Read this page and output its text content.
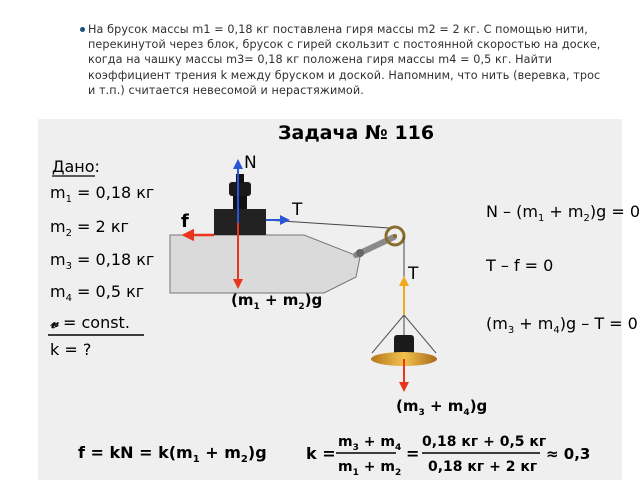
На брусок массы m1 = 0,18 кг поставлена гиря массы m2 = 2 кг. С помощью нити, перекинутой через блок, брусок с гирей скользит с постоянной скоростью на доске, когда на чашку массы m3= 0,18 кг положена гиря массы m4 = 0,5 кг. Найти коэффициент трения k между бруском и доской. Напомним, что нить (веревка, трос и т.п.) считается невесомой и нерастяжимой.

Задача № 116
Дано:
$m_1 = 0,18$ кг
$m_2 = 2$ кг
$m_3 = 0,18$ кг
$m_4 = 0,5$ кг
𝓋 = const.
k = ?
N
T
f
T
$(m_1 + m_2)g$
$(m_3 + m_4)g$
$N - (m_1 + m_2)g = 0$
T – f = 0
$(m_3 + m_4)g - T = 0$
f = kN = $k(m_1 + m_2)g$ k =
$m_3 + m_4$
$m_1 + m_2$
=
0,18 кг + 0,5 кг
0,18 кг + 2 кг
≈ 0,3
